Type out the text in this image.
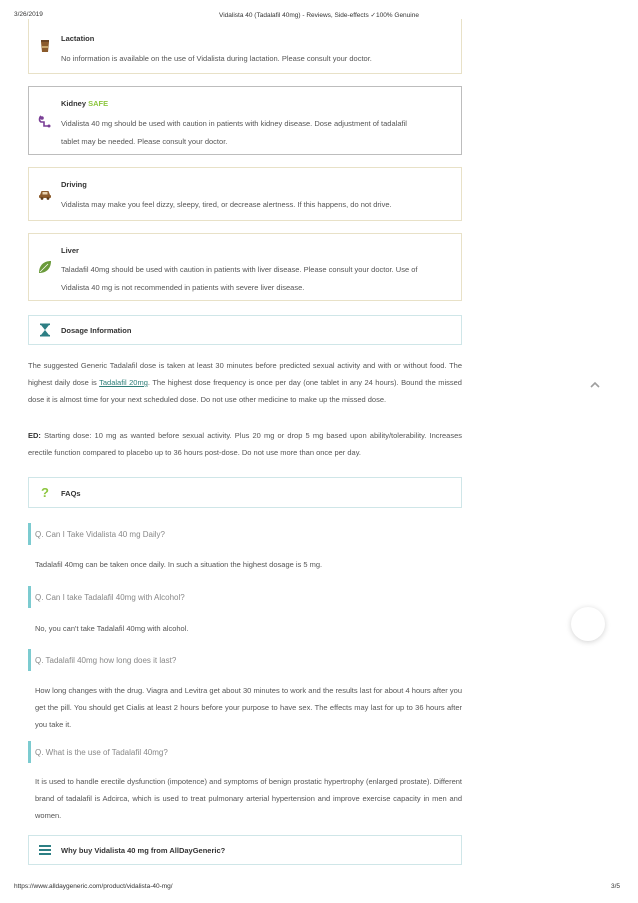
3/26/2019	Vidalista 40 (Tadalafil 40mg) - Reviews, Side-effects ✓100% Genuine
Lactation
No information is available on the use of Vidalista during lactation. Please consult your doctor.
Kidney SAFE
Vidalista 40 mg should be used with caution in patients with kidney disease. Dose adjustment of tadalafil
tablet may be needed. Please consult your doctor.
Driving
Vidalista may make you feel dizzy, sleepy, tired, or decrease alertness. If this happens, do not drive.
Liver
Taladafil 40mg should be used with caution in patients with liver disease. Please consult your doctor. Use of
Vidalista 40 mg is not recommended in patients with severe liver disease.
Dosage Information
The suggested Generic Tadalafil dose is taken at least 30 minutes before predicted sexual activity and with or without food. The highest daily dose is Tadalafil 20mg. The highest dose frequency is once per day (one tablet in any 24 hours). Bound the missed dose it is almost time for your next scheduled dose. Do not use other medicine to make up the missed dose.
ED: Starting dose: 10 mg as wanted before sexual activity. Plus 20 mg or drop 5 mg based upon ability/tolerability. Increases erectile function compared to placebo up to 36 hours post-dose. Do not use more than once per day.
?	FAQs
Q. Can I Take Vidalista 40 mg Daily?
Tadalafil 40mg can be taken once daily. In such a situation the highest dosage is 5 mg.
Q. Can I take Tadalafil 40mg with Alcohol?
No, you can't take Tadalafil 40mg with alcohol.
Q. Tadalafil 40mg how long does it last?
How long changes with the drug. Viagra and Levitra get about 30 minutes to work and the results last for about 4 hours after you get the pill. You should get Cialis at least 2 hours before your purpose to have sex. The effects may last for up to 36 hours after you take it.
Q. What is the use of Tadalafil 40mg?
It is used to handle erectile dysfunction (impotence) and symptoms of benign prostatic hypertrophy (enlarged prostate). Different brand of tadalafil is Adcirca, which is used to treat pulmonary arterial hypertension and improve exercise capacity in men and women.
Why buy Vidalista 40 mg from AllDayGeneric?
https://www.alldaygeneric.com/product/vidalista-40-mg/	3/5
